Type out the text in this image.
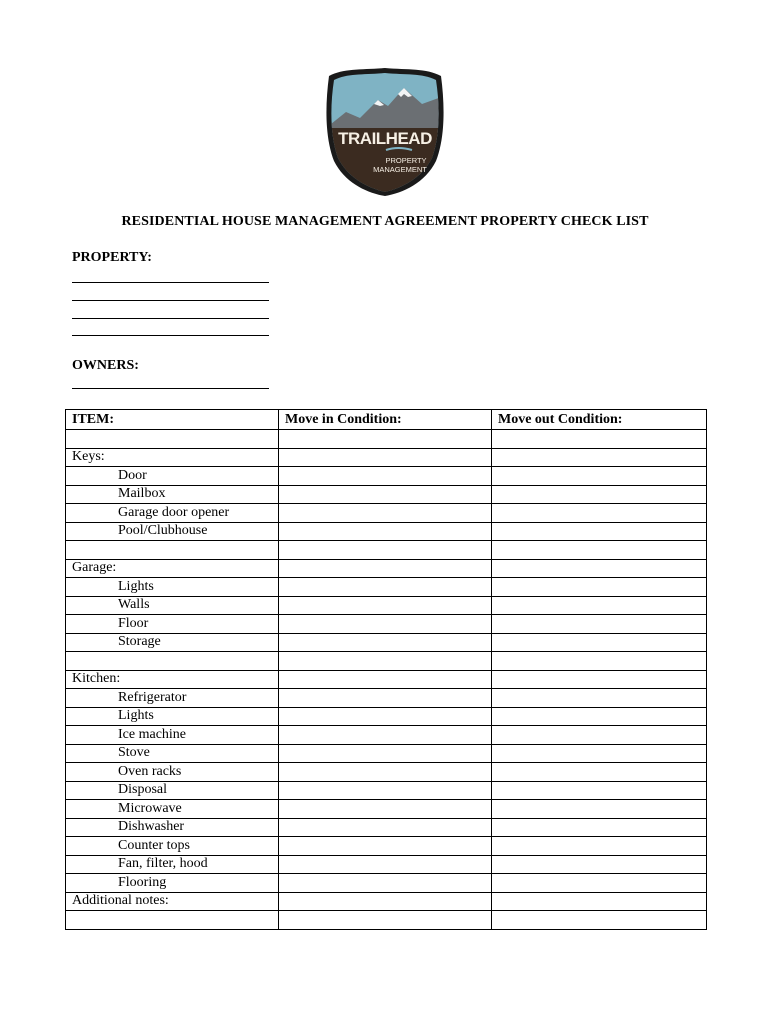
TRAILHEAD
PROPERTY
MANAGEMENT
RESIDENTIAL HOUSE MANAGEMENT AGREEMENT PROPERTY CHECK LIST
PROPERTY:
OWNERS:
ITEM:	Move in Condition:	Move out Condition:

Keys:		
Door		
Mailbox		
Garage door opener		
Pool/Clubhouse		

Garage:		
Lights		
Walls		
Floor		
Storage		

Kitchen:		
Refrigerator		
Lights		
Ice machine		
Stove		
Oven racks		
Disposal		
Microwave		
Dishwasher		
Counter tops		
Fan, filter, hood		
Flooring		
Additional notes:		
